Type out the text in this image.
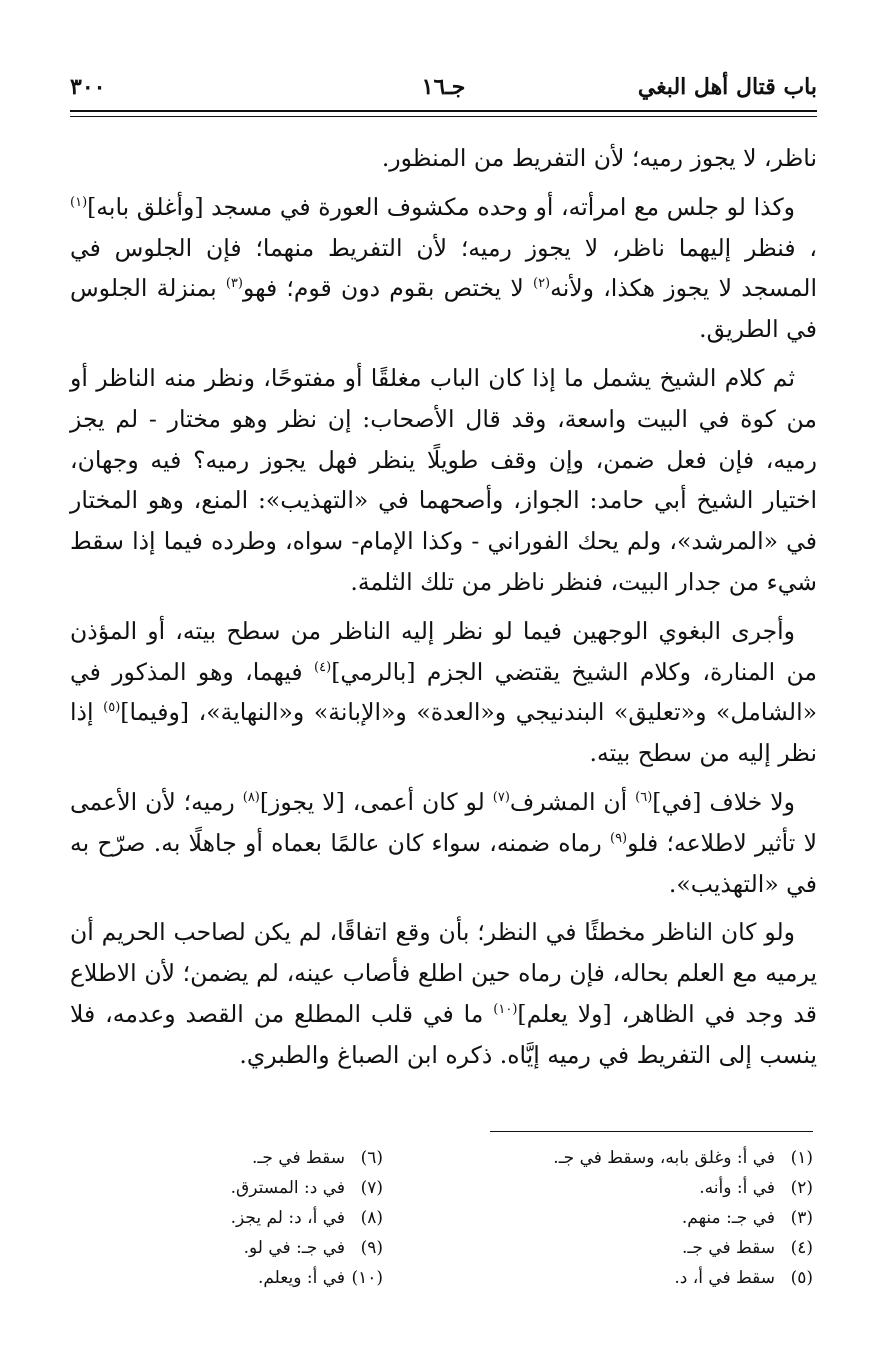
باب قتال أهل البغي
جـ١٦
٣٠٠

ناظر، لا يجوز رميه؛ لأن التفريط من المنظور.

وكذا لو جلس مع امرأته، أو وحده مكشوف العورة في مسجد [وأغلق بابه]$^{(١)}$ ، فنظر إليهما ناظر، لا يجوز رميه؛ لأن التفريط منهما؛ فإن الجلوس في المسجد لا يجوز هكذا، ولأنه$^{(٢)}$ لا يختص بقوم دون قوم؛ فهو$^{(٣)}$ بمنزلة الجلوس في الطريق.

ثم كلام الشيخ يشمل ما إذا كان الباب مغلقًا أو مفتوحًا، ونظر منه الناظر أو من كوة في البيت واسعة، وقد قال الأصحاب: إن نظر وهو مختار - لم يجز رميه، فإن فعل ضمن، وإن وقف طويلًا ينظر فهل يجوز رميه؟ فيه وجهان، اختيار الشيخ أبي حامد: الجواز، وأصحهما في «التهذيب»: المنع، وهو المختار في «المرشد»، ولم يحك الفوراني - وكذا الإمام- سواه، وطرده فيما إذا سقط شيء من جدار البيت، فنظر ناظر من تلك الثلمة.

وأجرى البغوي الوجهين فيما لو نظر إليه الناظر من سطح بيته، أو المؤذن من المنارة، وكلام الشيخ يقتضي الجزم [بالرمي]$^{(٤)}$ فيهما، وهو المذكور في «الشامل» و«تعليق» البندنيجي و«العدة» و«الإبانة» و«النهاية»، [وفيما]$^{(٥)}$ إذا نظر إليه من سطح بيته.

ولا خلاف [في]$^{(٦)}$ أن المشرف$^{(٧)}$ لو كان أعمى، [لا يجوز]$^{(٨)}$ رميه؛ لأن الأعمى لا تأثير لاطلاعه؛ فلو$^{(٩)}$ رماه ضمنه، سواء كان عالمًا بعماه أو جاهلًا به. صرّح به في «التهذيب».

ولو كان الناظر مخطئًا في النظر؛ بأن وقع اتفاقًا، لم يكن لصاحب الحريم أن يرميه مع العلم بحاله، فإن رماه حين اطلع فأصاب عينه، لم يضمن؛ لأن الاطلاع قد وجد في الظاهر، [ولا يعلم]$^{(١٠)}$ ما في قلب المطلع من القصد وعدمه، فلا ينسب إلى التفريط في رميه إيَّاه. ذكره ابن الصباغ والطبري.

(١)في أ: وغلق بابه، وسقط في جـ.
(٢)في أ: وأنه.
(٣)في جـ: منهم.
(٤)سقط في جـ.
(٥)سقط في أ، د.
(٦)سقط في جـ.
(٧)في د: المسترق.
(٨)في أ، د: لم يجز.
(٩)في جـ: في لو.
(١٠)في أ: ويعلم.
